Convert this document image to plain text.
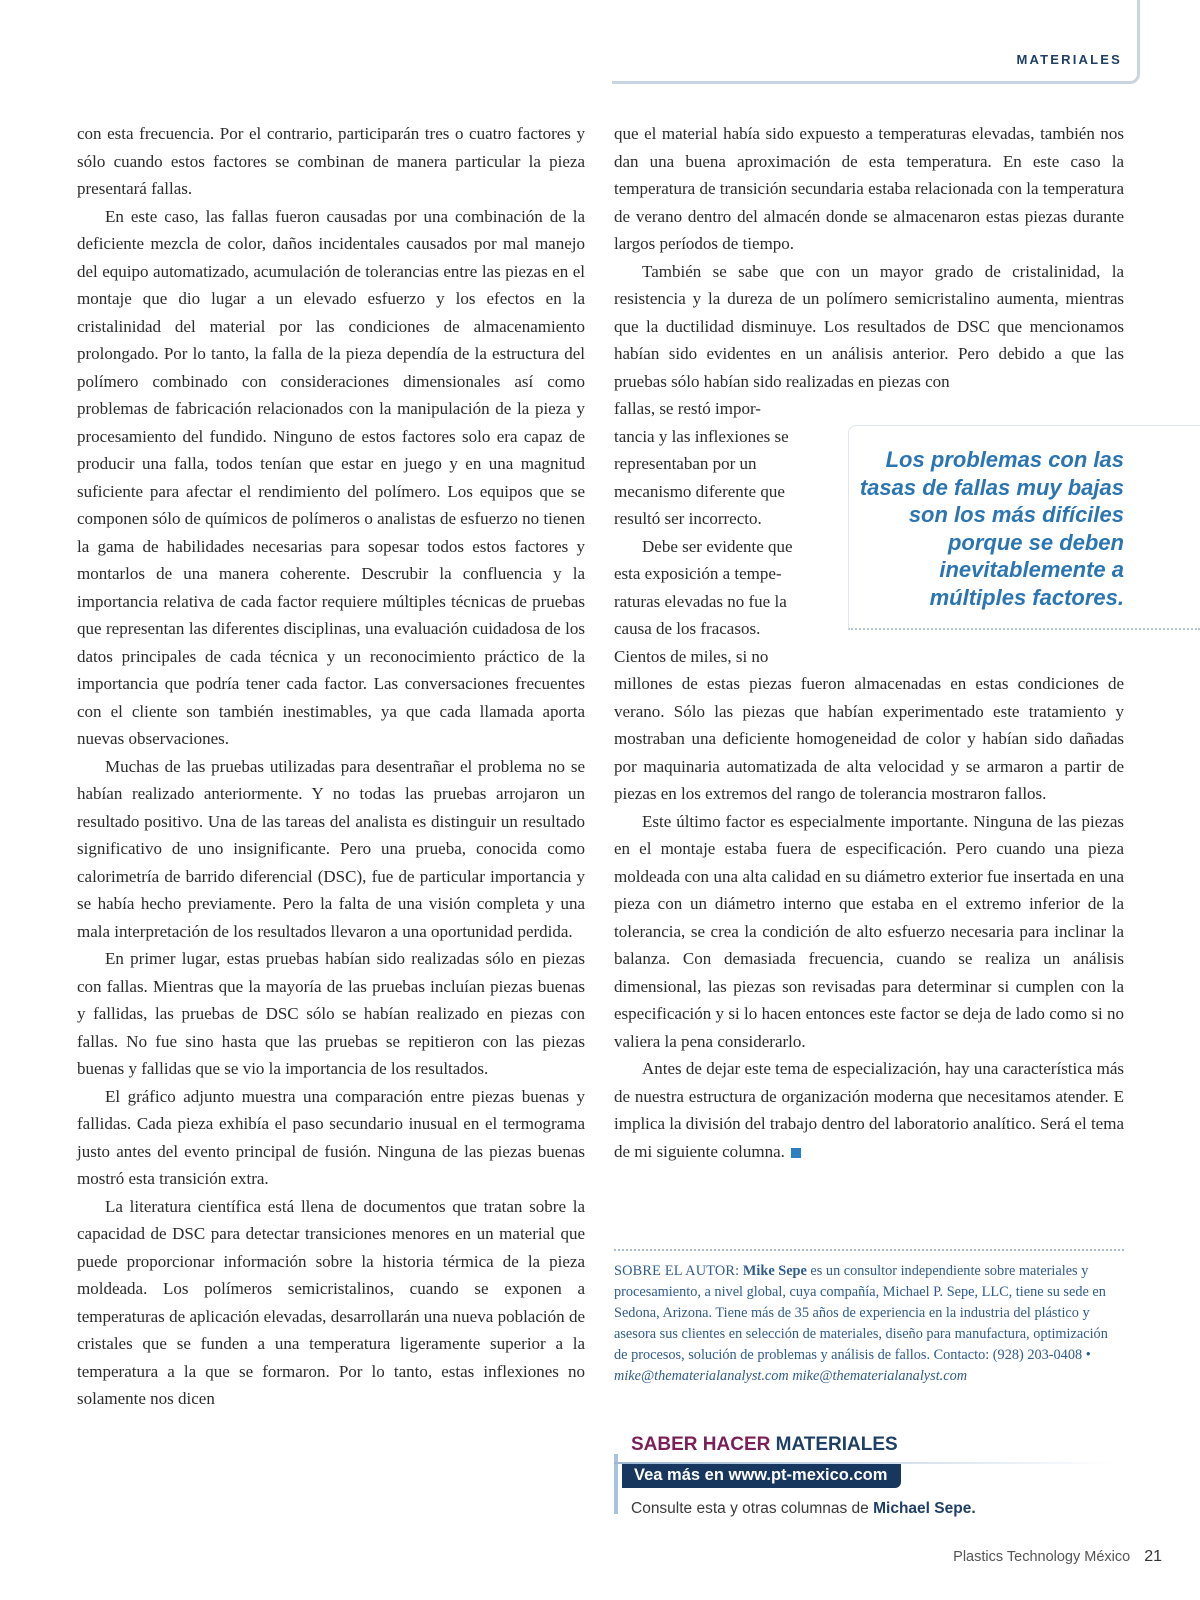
MATERIALES

con esta frecuencia. Por el contrario, participarán tres o cuatro factores y sólo cuando estos factores se combinan de manera particular la pieza presentará fallas.

En este caso, las fallas fueron causadas por una combinación de la deficiente mezcla de color, daños incidentales causados por mal manejo del equipo automatizado, acumulación de tolerancias entre las piezas en el montaje que dio lugar a un elevado esfuerzo y los efectos en la cristalinidad del material por las condiciones de almacenamiento prolongado. Por lo tanto, la falla de la pieza dependía de la estructura del polímero combinado con consideraciones dimensionales así como problemas de fabricación relacionados con la manipulación de la pieza y procesamiento del fundido. Ninguno de estos factores solo era capaz de producir una falla, todos tenían que estar en juego y en una magnitud suficiente para afectar el rendimiento del polímero. Los equipos que se componen sólo de químicos de polímeros o analistas de esfuerzo no tienen la gama de habilidades necesarias para sopesar todos estos factores y montarlos de una manera coherente. Descrubir la confluencia y la importancia relativa de cada factor requiere múltiples técnicas de pruebas que representan las diferentes disciplinas, una evaluación cuidadosa de los datos principales de cada técnica y un reconocimiento práctico de la importancia que podría tener cada factor. Las conversaciones frecuentes con el cliente son también inestimables, ya que cada llamada aporta nuevas observaciones.

Muchas de las pruebas utilizadas para desentrañar el problema no se habían realizado anteriormente. Y no todas las pruebas arrojaron un resultado positivo. Una de las tareas del analista es distinguir un resultado significativo de uno insignificante. Pero una prueba, conocida como calorimetría de barrido diferencial (DSC), fue de particular importancia y se había hecho previamente. Pero la falta de una visión completa y una mala interpretación de los resultados llevaron a una oportunidad perdida.

En primer lugar, estas pruebas habían sido realizadas sólo en piezas con fallas. Mientras que la mayoría de las pruebas incluían piezas buenas y fallidas, las pruebas de DSC sólo se habían realizado en piezas con fallas. No fue sino hasta que las pruebas se repitieron con las piezas buenas y fallidas que se vio la importancia de los resultados.

El gráfico adjunto muestra una comparación entre piezas buenas y fallidas. Cada pieza exhibía el paso secundario inusual en el termograma justo antes del evento principal de fusión. Ninguna de las piezas buenas mostró esta transición extra.

La literatura científica está llena de documentos que tratan sobre la capacidad de DSC para detectar transiciones menores en un material que puede proporcionar información sobre la historia térmica de la pieza moldeada. Los polímeros semicristalinos, cuando se exponen a temperaturas de aplicación elevadas, desarrollarán una nueva población de cristales que se funden a una temperatura ligeramente superior a la temperatura a la que se formaron. Por lo tanto, estas inflexiones no solamente nos dicen

que el material había sido expuesto a temperaturas elevadas, también nos dan una buena aproximación de esta temperatura. En este caso la temperatura de transición secundaria estaba relacionada con la temperatura de verano dentro del almacén donde se almacenaron estas piezas durante largos períodos de tiempo.

También se sabe que con un mayor grado de cristalinidad, la resistencia y la dureza de un polímero semicristalino aumenta, mientras que la ductilidad disminuye. Los resultados de DSC que mencionamos habían sido evidentes en un análisis anterior. Pero debido a que las pruebas sólo habían sido realizadas en piezas con

fallas, se restó impor-

tancia y las inflexiones se

representaban por un

mecanismo diferente que

resultó ser incorrecto.

Debe ser evidente que

esta exposición a tempe-

raturas elevadas no fue la

causa de los fracasos.

Cientos de miles, si no

millones de estas piezas fueron almacenadas en estas condiciones de verano. Sólo las piezas que habían experimentado este tratamiento y mostraban una deficiente homogeneidad de color y habían sido dañadas por maquinaria automatizada de alta velocidad y se armaron a partir de piezas en los extremos del rango de tolerancia mostraron fallos.

Este último factor es especialmente importante. Ninguna de las piezas en el montaje estaba fuera de especificación. Pero cuando una pieza moldeada con una alta calidad en su diámetro exterior fue insertada en una pieza con un diámetro interno que estaba en el extremo inferior de la tolerancia, se crea la condición de alto esfuerzo necesaria para inclinar la balanza. Con demasiada frecuencia, cuando se realiza un análisis dimensional, las piezas son revisadas para determinar si cumplen con la especificación y si lo hacen entonces este factor se deja de lado como si no valiera la pena considerarlo.

Antes de dejar este tema de especialización, hay una característica más de nuestra estructura de organización moderna que necesitamos atender. E implica la división del trabajo dentro del laboratorio analítico. Será el tema de mi siguiente columna.

Los problemas con las tasas de fallas muy bajas son los más difíciles porque se deben inevitablemente a múltiples factores.
SOBRE EL AUTOR: Mike Sepe es un consultor independiente sobre materiales y procesamiento, a nivel global, cuya compañía, Michael P. Sepe, LLC, tiene su sede en Sedona, Arizona. Tiene más de 35 años de experiencia en la industria del plástico y asesora sus clientes en selección de materiales, diseño para manufactura, optimización de procesos, solución de problemas y análisis de fallos. Contacto: (928) 203-0408 • mike@thematerialanalyst.com mike@thematerialanalyst.com
SABER HACER MATERIALES
Vea más en www.pt-mexico.com
Consulte esta y otras columnas de Michael Sepe.
Plastics Technology México 21
